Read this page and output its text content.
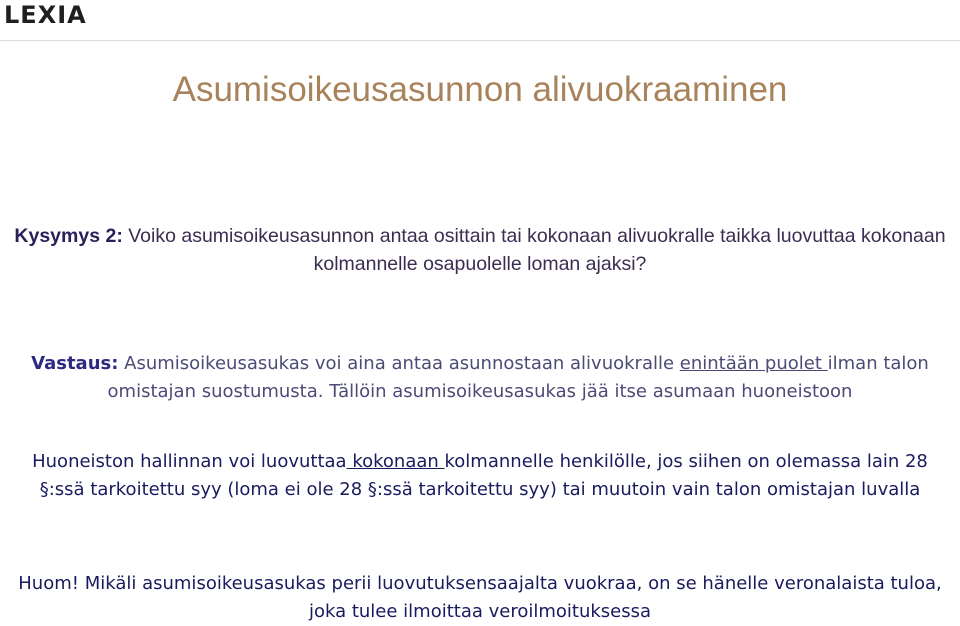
LEXIA
Asumisoikeusasunnon alivuokraaminen
Kysymys 2: Voiko asumisoikeusasunnon antaa osittain tai kokonaan alivuokralle taikka luovuttaa kokonaan kolmannelle osapuolelle loman ajaksi?
Vastaus: Asumisoikeusasukas voi aina antaa asunnostaan alivuokralle enintään puolet ilman talon omistajan suostumusta. Tällöin asumisoikeusasukas jää itse asumaan huoneistoon
Huoneiston hallinnan voi luovuttaa kokonaan kolmannelle henkilölle, jos siihen on olemassa lain 28 §:ssä tarkoitettu syy (loma ei ole 28 §:ssä tarkoitettu syy) tai muutoin vain talon omistajan luvalla
Huom! Mikäli asumisoikeusasukas perii luovutuksensaajalta vuokraa, on se hänelle veronalaista tuloa, joka tulee ilmoittaa veroilmoituksessa
